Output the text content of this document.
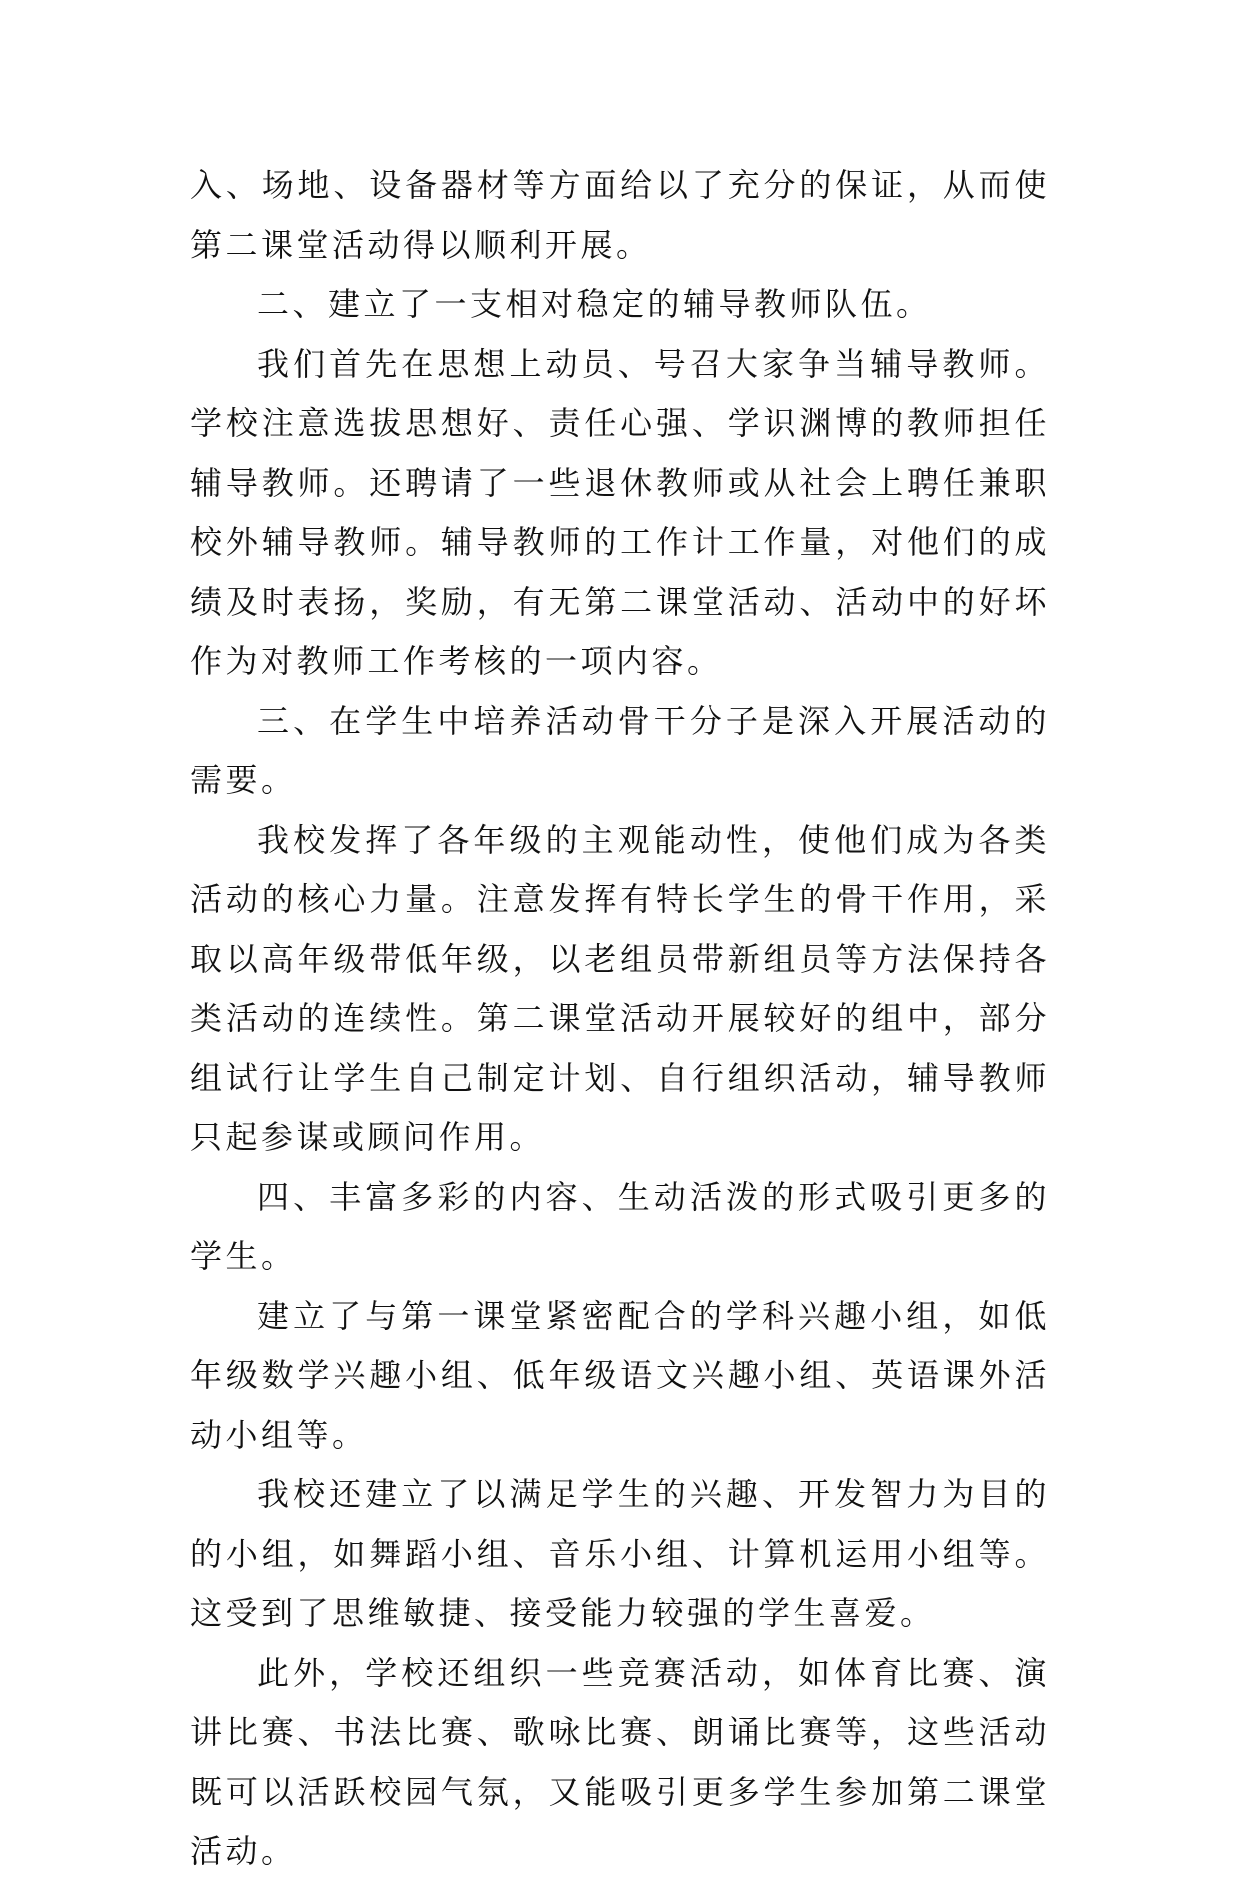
入、场地、设备器材等方面给以了充分的保证，从而使第二课堂活动得以顺利开展。

二、建立了一支相对稳定的辅导教师队伍。

我们首先在思想上动员、号召大家争当辅导教师。学校注意选拔思想好、责任心强、学识渊博的教师担任辅导教师。还聘请了一些退休教师或从社会上聘任兼职校外辅导教师。辅导教师的工作计工作量，对他们的成绩及时表扬，奖励，有无第二课堂活动、活动中的好坏作为对教师工作考核的一项内容。

三、在学生中培养活动骨干分子是深入开展活动的需要。

我校发挥了各年级的主观能动性，使他们成为各类活动的核心力量。注意发挥有特长学生的骨干作用，采取以高年级带低年级，以老组员带新组员等方法保持各类活动的连续性。第二课堂活动开展较好的组中，部分组试行让学生自己制定计划、自行组织活动，辅导教师只起参谋或顾问作用。

四、丰富多彩的内容、生动活泼的形式吸引更多的学生。

建立了与第一课堂紧密配合的学科兴趣小组，如低年级数学兴趣小组、低年级语文兴趣小组、英语课外活动小组等。

我校还建立了以满足学生的兴趣、开发智力为目的的小组，如舞蹈小组、音乐小组、计算机运用小组等。这受到了思维敏捷、接受能力较强的学生喜爱。

此外，学校还组织一些竞赛活动，如体育比赛、演讲比赛、书法比赛、歌咏比赛、朗诵比赛等，这些活动既可以活跃校园气氛，又能吸引更多学生参加第二课堂活动。
